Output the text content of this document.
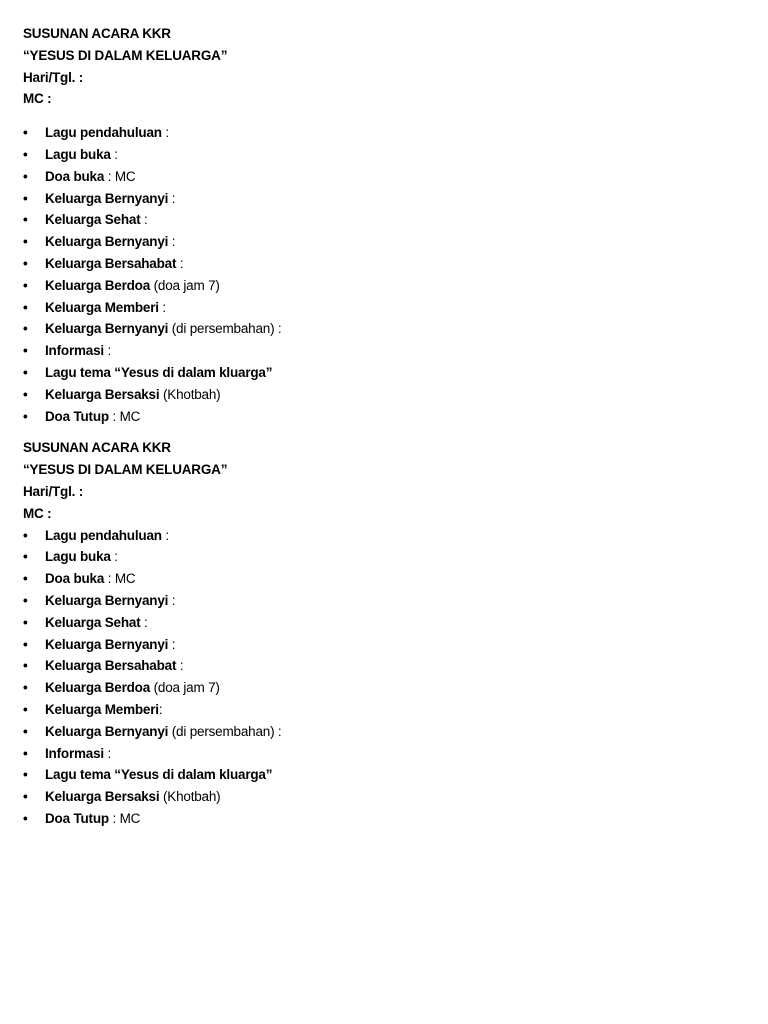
SUSUNAN ACARA KKR
“YESUS DI DALAM KELUARGA”
Hari/Tgl. :
MC :
•	Lagu pendahuluan :
•	Lagu buka :
•	Doa buka : MC
•	Keluarga Bernyanyi :
•	Keluarga Sehat :
•	Keluarga Bernyanyi :
•	Keluarga Bersahabat :
•	Keluarga Berdoa (doa jam 7)
•	Keluarga Memberi :
•	Keluarga Bernyanyi (di persembahan) :
•	Informasi :
•	Lagu tema “Yesus di dalam kluarga”
•	Keluarga Bersaksi (Khotbah)
•	Doa Tutup : MC
SUSUNAN ACARA KKR
“YESUS DI DALAM KELUARGA”
Hari/Tgl. :
MC :
•	Lagu pendahuluan :
•	Lagu buka :
•	Doa buka : MC
•	Keluarga Bernyanyi :
•	Keluarga Sehat :
•	Keluarga Bernyanyi :
•	Keluarga Bersahabat :
•	Keluarga Berdoa (doa jam 7)
•	Keluarga Memberi:
•	Keluarga Bernyanyi (di persembahan) :
•	Informasi :
•	Lagu tema “Yesus di dalam kluarga”
•	Keluarga Bersaksi (Khotbah)
•	Doa Tutup : MC
